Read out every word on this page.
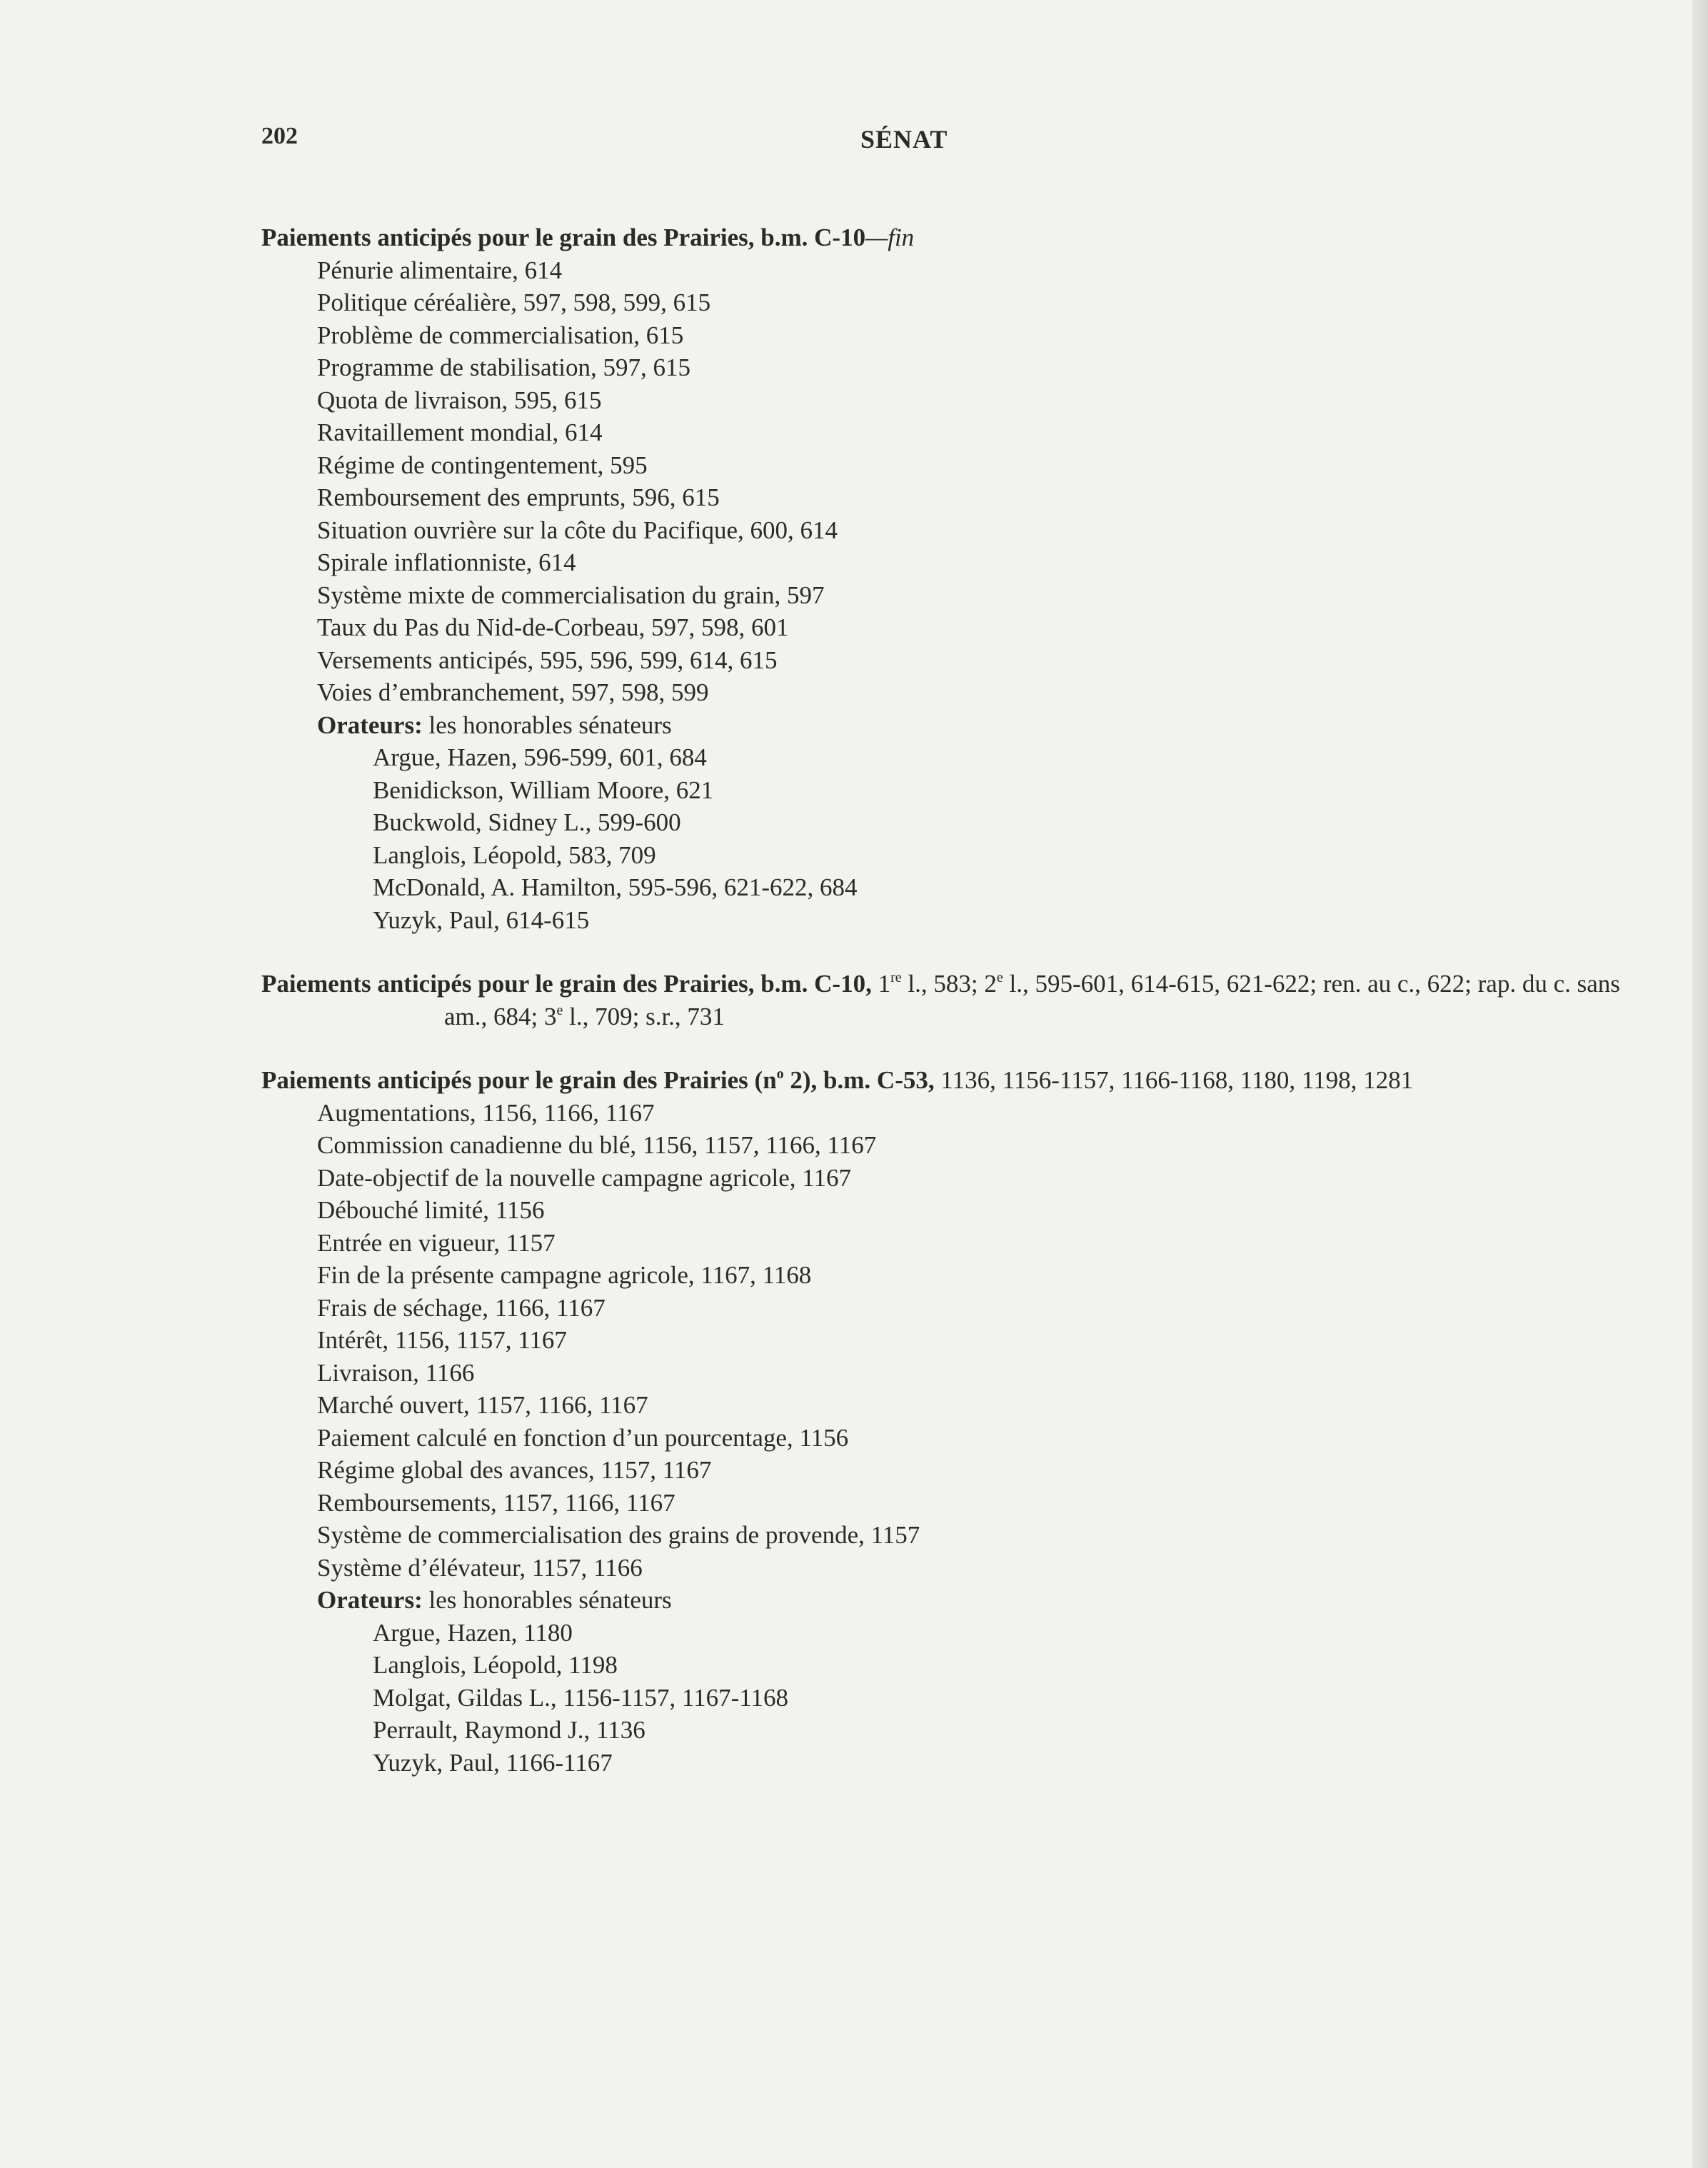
202	SÉNAT
Paiements anticipés pour le grain des Prairies, b.m. C-10—fin
Pénurie alimentaire, 614
Politique céréalière, 597, 598, 599, 615
Problème de commercialisation, 615
Programme de stabilisation, 597, 615
Quota de livraison, 595, 615
Ravitaillement mondial, 614
Régime de contingentement, 595
Remboursement des emprunts, 596, 615
Situation ouvrière sur la côte du Pacifique, 600, 614
Spirale inflationniste, 614
Système mixte de commercialisation du grain, 597
Taux du Pas du Nid-de-Corbeau, 597, 598, 601
Versements anticipés, 595, 596, 599, 614, 615
Voies d’embranchement, 597, 598, 599
Orateurs: les honorables sénateurs
Argue, Hazen, 596-599, 601, 684
Benidickson, William Moore, 621
Buckwold, Sidney L., 599-600
Langlois, Léopold, 583, 709
McDonald, A. Hamilton, 595-596, 621-622, 684
Yuzyk, Paul, 614-615
Paiements anticipés pour le grain des Prairies, b.m. C-10, 1re l., 583; 2e l., 595-601, 614-615, 621-622; ren. au c., 622; rap. du c. sans am., 684; 3e l., 709; s.r., 731
Paiements anticipés pour le grain des Prairies ($n^o$ 2), b.m. C-53, 1136, 1156-1157, 1166-1168, 1180, 1198, 1281
Augmentations, 1156, 1166, 1167
Commission canadienne du blé, 1156, 1157, 1166, 1167
Date-objectif de la nouvelle campagne agricole, 1167
Débouché limité, 1156
Entrée en vigueur, 1157
Fin de la présente campagne agricole, 1167, 1168
Frais de séchage, 1166, 1167
Intérêt, 1156, 1157, 1167
Livraison, 1166
Marché ouvert, 1157, 1166, 1167
Paiement calculé en fonction d’un pourcentage, 1156
Régime global des avances, 1157, 1167
Remboursements, 1157, 1166, 1167
Système de commercialisation des grains de provende, 1157
Système d’élévateur, 1157, 1166
Orateurs: les honorables sénateurs
Argue, Hazen, 1180
Langlois, Léopold, 1198
Molgat, Gildas L., 1156-1157, 1167-1168
Perrault, Raymond J., 1136
Yuzyk, Paul, 1166-1167
